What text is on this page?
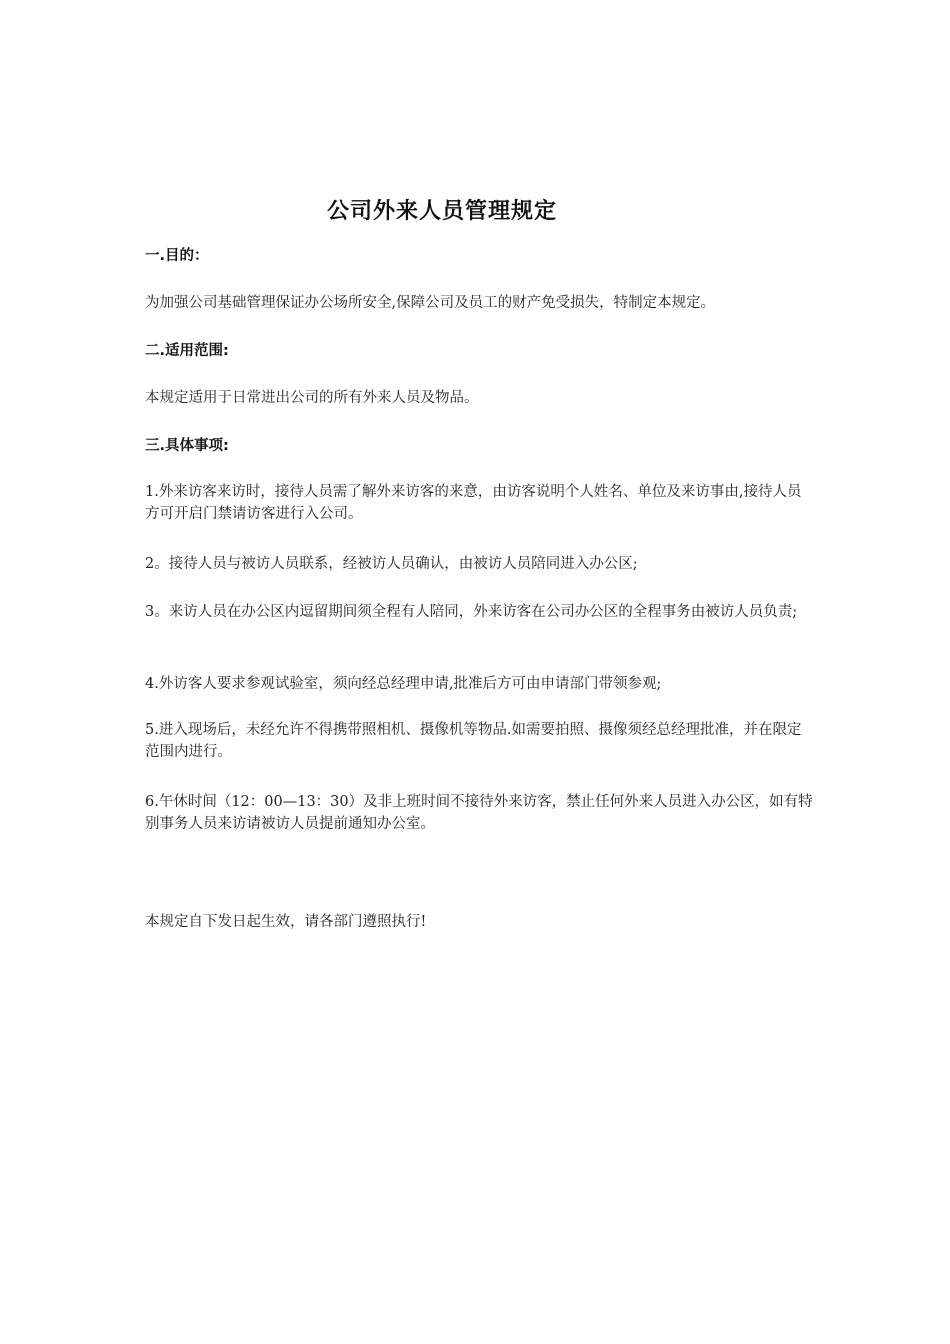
公司外来人员管理规定
一.目的：
为加强公司基础管理保证办公场所安全,保障公司及员工的财产免受损失，特制定本规定。
二.适用范围:
本规定适用于日常进出公司的所有外来人员及物品。
三.具体事项:
1.外来访客来访时，接待人员需了解外来访客的来意，由访客说明个人姓名、单位及来访事由,接待人员方可开启门禁请访客进行入公司。
2。接待人员与被访人员联系，经被访人员确认，由被访人员陪同进入办公区;
3。来访人员在办公区内逗留期间须全程有人陪同，外来访客在公司办公区的全程事务由被访人员负责;
4.外访客人要求参观试验室，须向经总经理申请,批准后方可由申请部门带领参观;
5.进入现场后，未经允许不得携带照相机、摄像机等物品.如需要拍照、摄像须经总经理批准，并在限定范围内进行。
6.午休时间（12：00—13：30）及非上班时间不接待外来访客，禁止任何外来人员进入办公区，如有特别事务人员来访请被访人员提前通知办公室。
本规定自下发日起生效，请各部门遵照执行!
